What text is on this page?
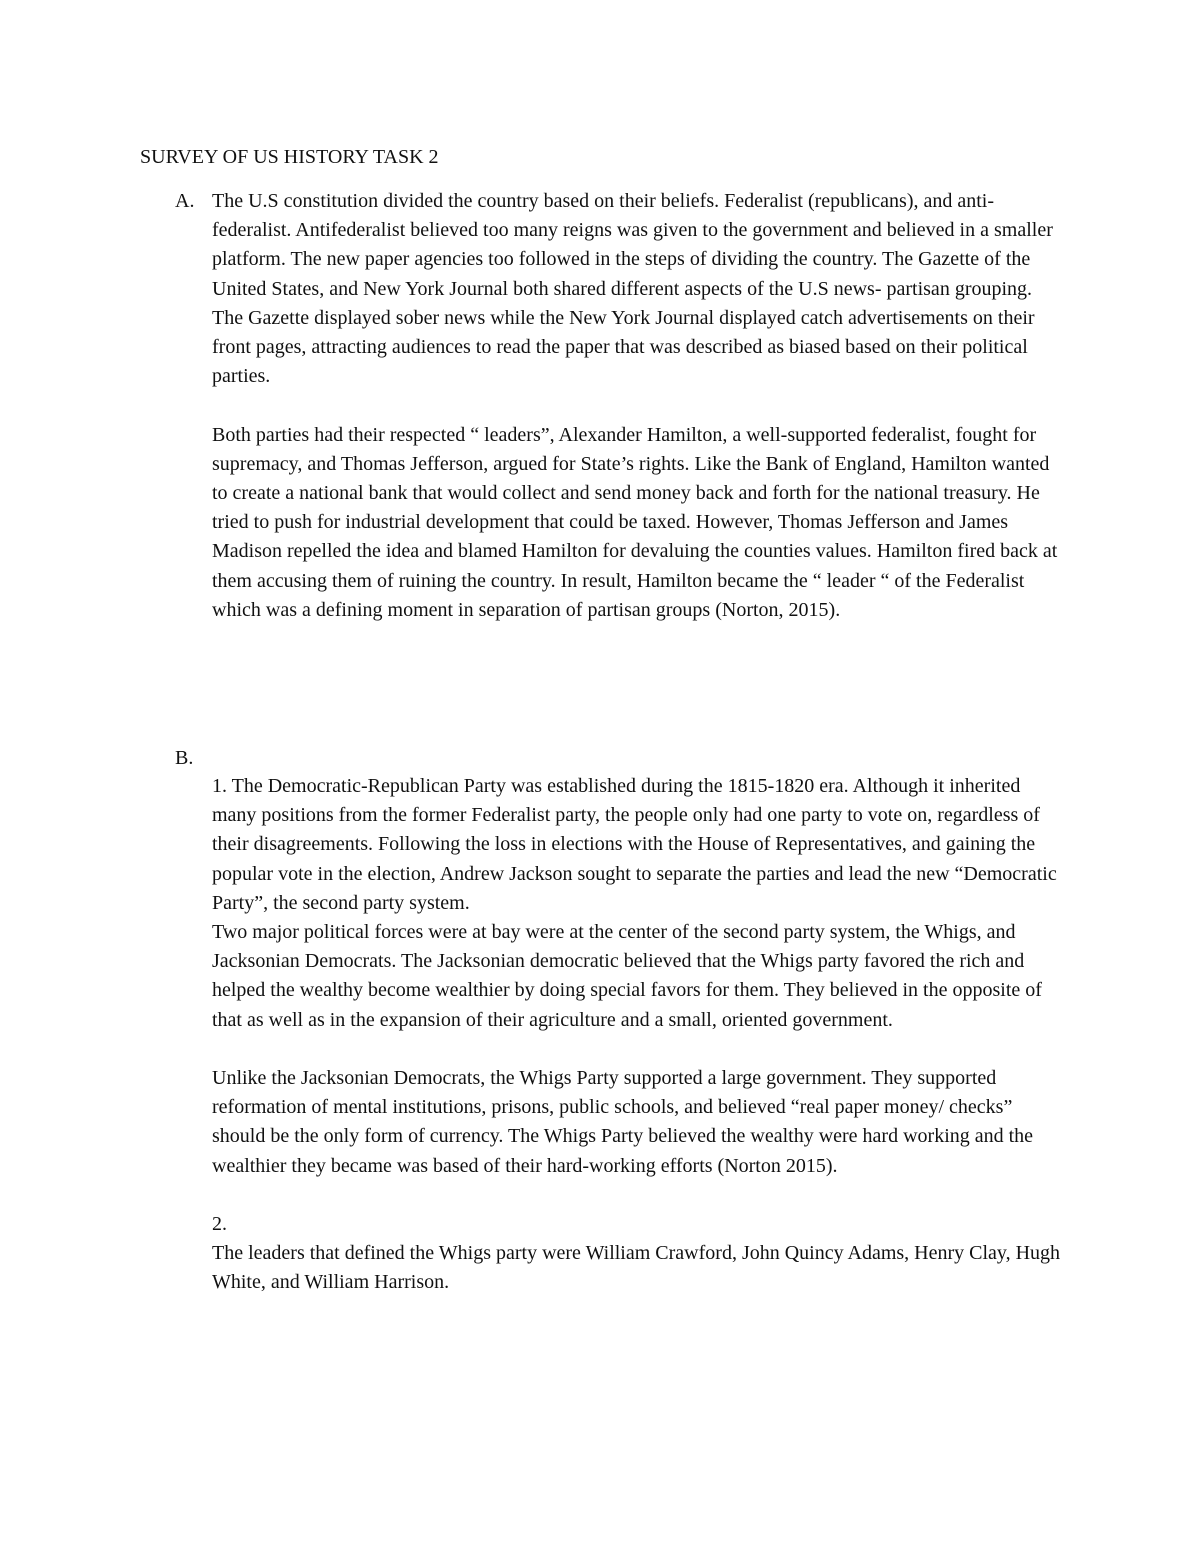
SURVEY OF US HISTORY TASK 2
A. The U.S constitution divided the country based on their beliefs. Federalist (republicans), and anti-federalist. Antifederalist believed too many reigns was given to the government and believed in a smaller platform. The new paper agencies too followed in the steps of dividing the country. The Gazette of the United States, and New York Journal both shared different aspects of the U.S news- partisan grouping. The Gazette displayed sober news while the New York Journal displayed catch advertisements on their front pages, attracting audiences to read the paper that was described as biased based on their political parties.

Both parties had their respected “ leaders”, Alexander Hamilton, a well-supported federalist, fought for supremacy, and Thomas Jefferson, argued for State’s rights. Like the Bank of England, Hamilton wanted to create a national bank that would collect and send money back and forth for the national treasury. He tried to push for industrial development that could be taxed. However, Thomas Jefferson and James Madison repelled the idea and blamed Hamilton for devaluing the counties values. Hamilton fired back at them accusing them of ruining the country. In result, Hamilton became the “ leader “ of the Federalist which was a defining moment in separation of partisan groups (Norton, 2015).

B.

1. The Democratic-Republican Party was established during the 1815-1820 era. Although it inherited many positions from the former Federalist party, the people only had one party to vote on, regardless of their disagreements. Following the loss in elections with the House of Representatives, and gaining the popular vote in the election, Andrew Jackson sought to separate the parties and lead the new “Democratic Party”, the second party system.

Two major political forces were at bay were at the center of the second party system, the Whigs, and Jacksonian Democrats. The Jacksonian democratic believed that the Whigs party favored the rich and helped the wealthy become wealthier by doing special favors for them. They believed in the opposite of that as well as in the expansion of their agriculture and a small, oriented government.

Unlike the Jacksonian Democrats, the Whigs Party supported a large government. They supported reformation of mental institutions, prisons, public schools, and believed “real paper money/ checks” should be the only form of currency. The Whigs Party believed the wealthy were hard working and the wealthier they became was based of their hard-working efforts (Norton 2015).

2.

The leaders that defined the Whigs party were William Crawford, John Quincy Adams, Henry Clay, Hugh White, and William Harrison.
